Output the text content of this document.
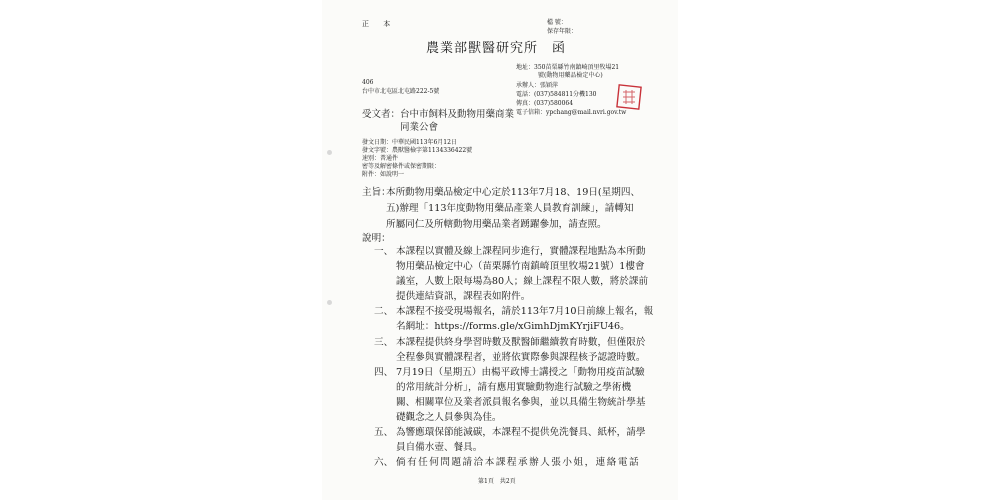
正 本	檔 號：
保存年限：
農業部獸醫研究所　函
地址：350苗栗縣竹南鎮崎頂里牧場21
號(動物用藥品檢定中心)
承辦人：張穎萍
電話：(037)584811分機130
傳真：(037)580064
電子信箱：ypchang@mail.nvri.gov.tw
406
台中市北屯區北屯路222-5號
受文者： 台中市飼料及動物用藥商業
同業公會
發文日期：中華民國113年6月12日
發文字號：農獸醫檢字第1134336422號
速別：普通件
密等及解密條件或保密期限：
附件：如說明一
主旨：
本所動物用藥品檢定中心定於113年7月18、19日(星期四、
五)辦理「113年度動物用藥品產業人員教育訓練」，請轉知
所屬同仁及所轄動物用藥品業者踴躍參加，請查照。
說明：
一、 本課程以實體及線上課程同步進行，實體課程地點為本所動
物用藥品檢定中心（苗栗縣竹南鎮崎頂里牧場21號）1樓會
議室，人數上限每場為80人；線上課程不限人數，將於課前
提供連結資訊，課程表如附件。
二、 本課程不接受現場報名，請於113年7月10日前線上報名，報
名網址：https://forms.gle/xGimhDjmKYrjiFU46。
三、 本課程提供終身學習時數及獸醫師繼續教育時數，但僅限於
全程參與實體課程者，並將依實際參與課程核予認證時數。
四、 7月19日（星期五）由楊平政博士講授之「動物用疫苗試驗
的常用統計分析」，請有應用實驗動物進行試驗之學術機
關、相關單位及業者派員報名參與，並以具備生物統計學基
礎觀念之人員參與為佳。
五、 為響應環保節能減碳，本課程不提供免洗餐具、紙杯，請學
員自備水壺、餐具。
六、 倘有任何問題請洽本課程承辦人張小姐，連絡電話
第1頁　共2頁
